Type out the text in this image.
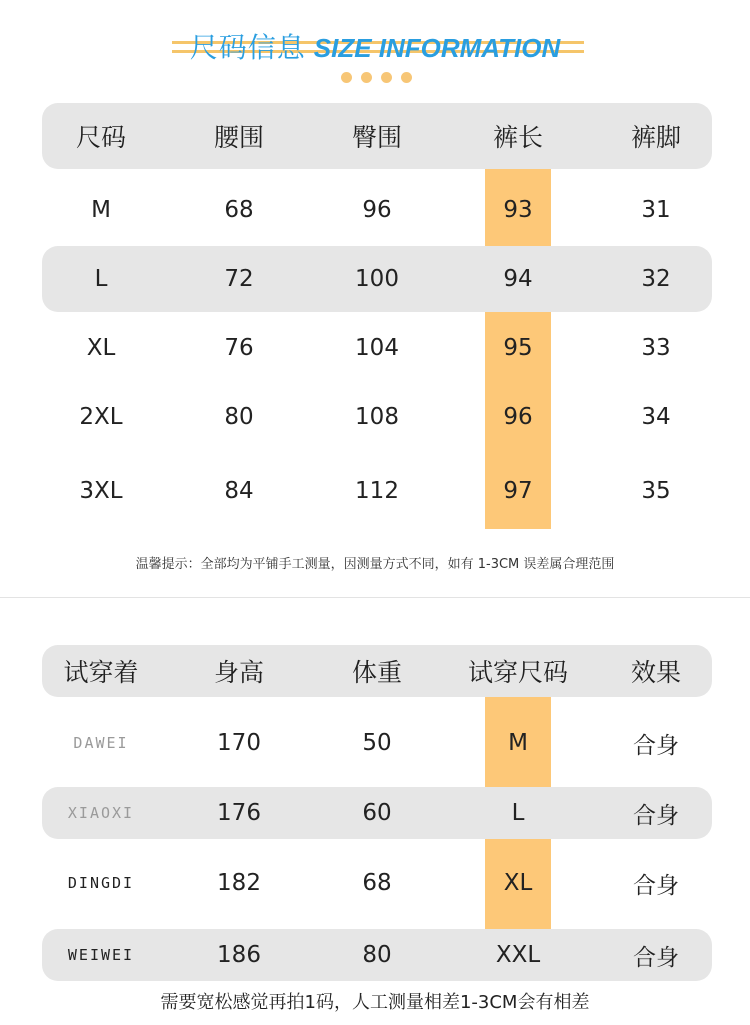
尺码信息 SIZE INFORMATION
尺码	腰围	臀围	裤长	裤脚
M	68	96	93	31
L	72	100	94	32
XL	76	104	95	33
2XL	80	108	96	34
3XL	84	112	97	35
温馨提示：全部均为平铺手工测量，因测量方式不同，如有 1-3CM 误差属合理范围
试穿着	身高	体重	试穿尺码	效果
DAWEI	170	50	M	合身
XIAOXI	176	60	L	合身
DINGDI	182	68	XL	合身
WEIWEI	186	80	XXL	合身
需要宽松感觉再拍1码，人工测量相差1-3CM会有相差
